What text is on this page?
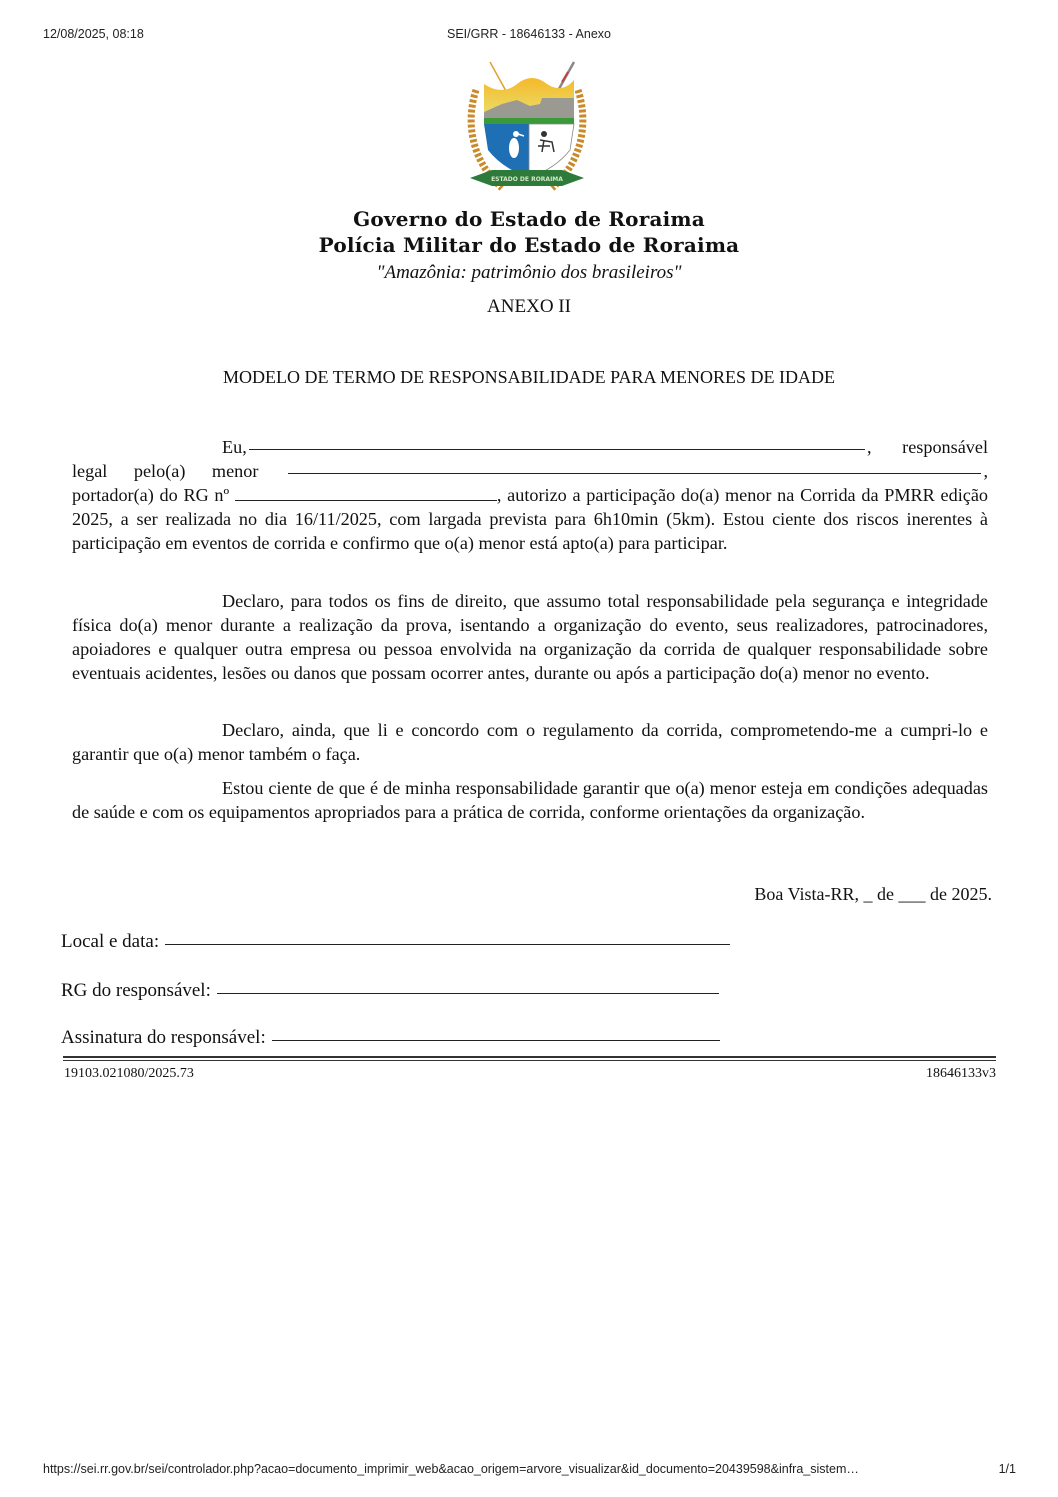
12/08/2025, 08:18	SEI/GRR - 18646133 - Anexo
ESTADO DE RORAIMA
Governo do Estado de Roraima
Polícia Militar do Estado de Roraima
"Amazônia: patrimônio dos brasileiros"
ANEXO II
MODELO DE TERMO DE RESPONSABILIDADE PARA MENORES DE IDADE
Eu,	, responsável
legal pelo(a) menor	,
portador(a) do RG nº	, autorizo a participação do(a) menor na Corrida da PMRR edição 2025, a ser realizada no dia 16/11/2025, com largada prevista para 6h10min (5km). Estou ciente dos riscos inerentes à participação em eventos de corrida e confirmo que o(a) menor está apto(a) para participar.

Declaro, para todos os fins de direito, que assumo total responsabilidade pela segurança e integridade física do(a) menor durante a realização da prova, isentando a organização do evento, seus realizadores, patrocinadores, apoiadores e qualquer outra empresa ou pessoa envolvida na organização da corrida de qualquer responsabilidade sobre eventuais acidentes, lesões ou danos que possam ocorrer antes, durante ou após a participação do(a) menor no evento.

Declaro, ainda, que li e concordo com o regulamento da corrida, comprometendo-me a cumpri-lo e garantir que o(a) menor também o faça.

Estou ciente de que é de minha responsabilidade garantir que o(a) menor esteja em condições adequadas de saúde e com os equipamentos apropriados para a prática de corrida, conforme orientações da organização.

Boa Vista-RR, _ de ___ de 2025.
Local e data:
RG do responsável:
Assinatura do responsável:
19103.021080/2025.73	18646133v3
https://sei.rr.gov.br/sei/controlador.php?acao=documento_imprimir_web&acao_origem=arvore_visualizar&id_documento=20439598&infra_sistem…	1/1
